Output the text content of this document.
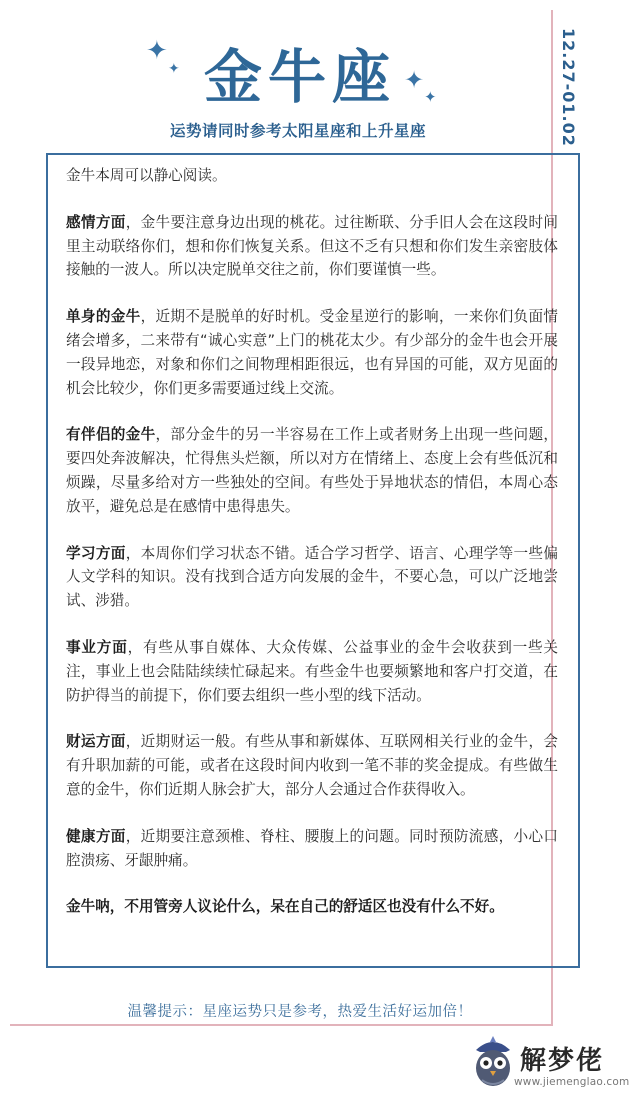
✦
✦	✦
✦
金牛座
运势请同时参考太阳星座和上升星座	12.27-01.02

金牛本周可以静心阅读。

感情方面，金牛要注意身边出现的桃花。过往断联、分手旧人会在这段时间里主动联络你们，想和你们恢复关系。但这不乏有只想和你们发生亲密肢体接触的一波人。所以决定脱单交往之前，你们要谨慎一些。

单身的金牛，近期不是脱单的好时机。受金星逆行的影响，一来你们负面情绪会增多，二来带有“诚心实意”上门的桃花太少。有少部分的金牛也会开展一段异地恋，对象和你们之间物理相距很远，也有异国的可能，双方见面的机会比较少，你们更多需要通过线上交流。

有伴侣的金牛，部分金牛的另一半容易在工作上或者财务上出现一些问题，要四处奔波解决，忙得焦头烂额，所以对方在情绪上、态度上会有些低沉和烦躁，尽量多给对方一些独处的空间。有些处于异地状态的情侣，本周心态放平，避免总是在感情中患得患失。

学习方面，本周你们学习状态不错。适合学习哲学、语言、心理学等一些偏人文学科的知识。没有找到合适方向发展的金牛，不要心急，可以广泛地尝试、涉猎。

事业方面，有些从事自媒体、大众传媒、公益事业的金牛会收获到一些关注，事业上也会陆陆续续忙碌起来。有些金牛也要频繁地和客户打交道，在防护得当的前提下，你们要去组织一些小型的线下活动。

财运方面，近期财运一般。有些从事和新媒体、互联网相关行业的金牛，会有升职加薪的可能，或者在这段时间内收到一笔不菲的奖金提成。有些做生意的金牛，你们近期人脉会扩大，部分人会通过合作获得收入。

健康方面，近期要注意颈椎、脊柱、腰腹上的问题。同时预防流感，小心口腔溃疡、牙龈肿痛。

金牛呐，不用管旁人议论什么，呆在自己的舒适区也没有什么不好。

温馨提示：星座运势只是参考，热爱生活好运加倍！
解梦佬
www.jiemenglao.com
